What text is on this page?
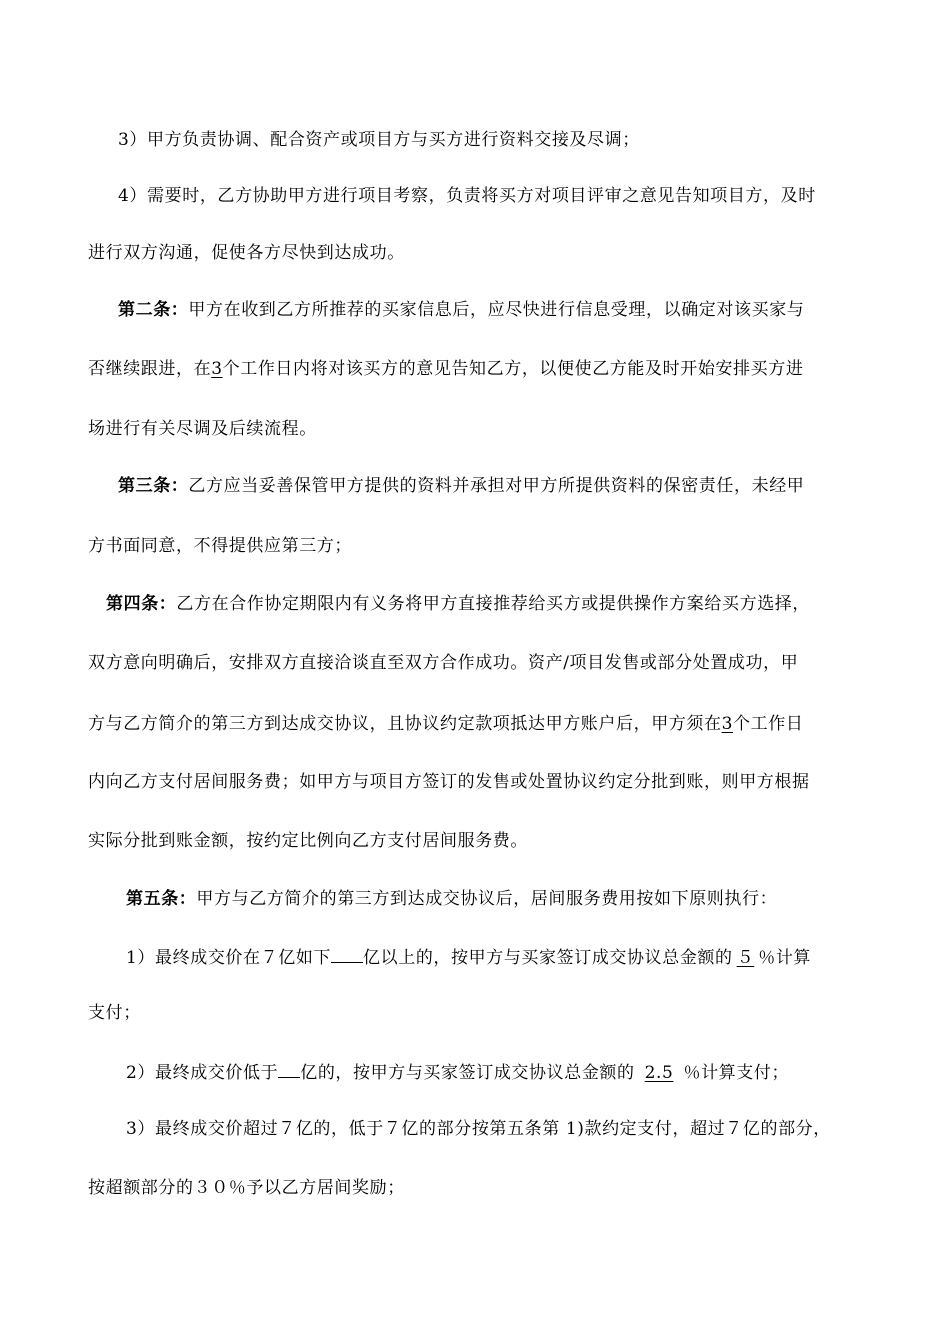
3）甲方负责协调、配合资产或项目方与买方进行资料交接及尽调；
4）需要时，乙方协助甲方进行项目考察，负责将买方对项目评审之意见告知项目方，及时
进行双方沟通，促使各方尽快到达成功。
第二条：甲方在收到乙方所推荐的买家信息后，应尽快进行信息受理，以确定对该买家与
否继续跟进，在3个工作日内将对该买方的意见告知乙方，以便使乙方能及时开始安排买方进
场进行有关尽调及后续流程。
第三条：乙方应当妥善保管甲方提供的资料并承担对甲方所提供资料的保密责任，未经甲
方书面同意，不得提供应第三方；
第四条：乙方在合作协定期限内有义务将甲方直接推荐给买方或提供操作方案给买方选择，
双方意向明确后，安排双方直接洽谈直至双方合作成功。资产/项目发售或部分处置成功，甲
方与乙方简介的第三方到达成交协议，且协议约定款项抵达甲方账户后，甲方须在3个工作日
内向乙方支付居间服务费；如甲方与项目方签订的发售或处置协议约定分批到账，则甲方根据
实际分批到账金额，按约定比例向乙方支付居间服务费。
第五条：甲方与乙方简介的第三方到达成交协议后，居间服务费用按如下原则执行：
1）最终成交价在７亿如下 亿以上的，按甲方与买家签订成交协议总金额的 ５ ％计算
支付；
2）最终成交价低于 亿的，按甲方与买家签订成交协议总金额的 2.5 ％计算支付；
3）最终成交价超过７亿的，低于７亿的部分按第五条第 1)款约定支付，超过７亿的部分，
按超额部分的３０％予以乙方居间奖励；
